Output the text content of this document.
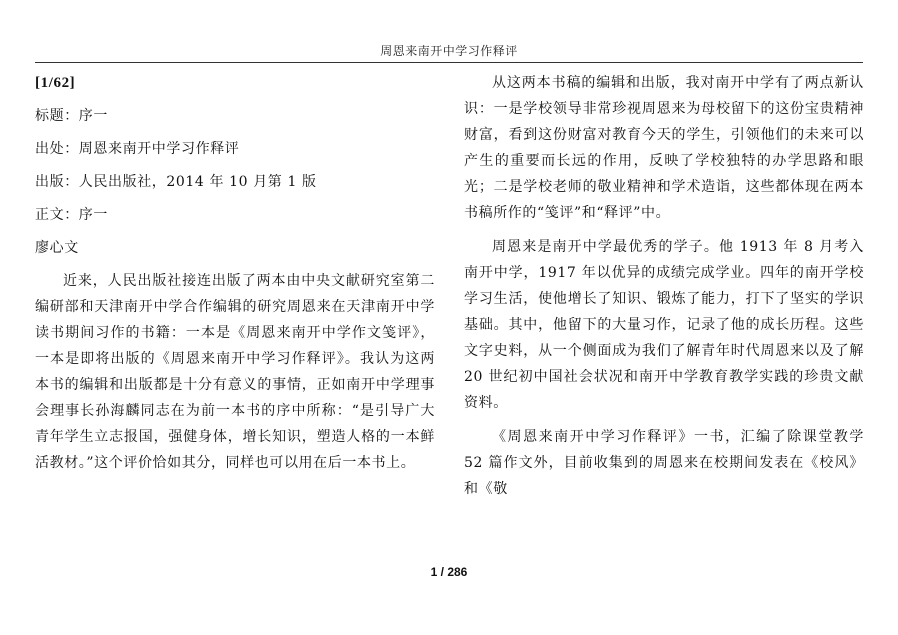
周恩来南开中学习作释评
[1/62]
标题：序一
出处：周恩来南开中学习作释评
出版：人民出版社，2014 年 10 月第 1 版
正文：序一
廖心文

近来，人民出版社接连出版了两本由中央文献研究室第二编研部和天津南开中学合作编辑的研究周恩来在天津南开中学读书期间习作的书籍：一本是《周恩来南开中学作文笺评》，一本是即将出版的《周恩来南开中学习作释评》。我认为这两本书的编辑和出版都是十分有意义的事情，正如南开中学理事会理事长孙海麟同志在为前一本书的序中所称：“是引导广大青年学生立志报国，强健身体，增长知识，塑造人格的一本鲜活教材。”这个评价恰如其分，同样也可以用在后一本书上。

从这两本书稿的编辑和出版，我对南开中学有了两点新认识：一是学校领导非常珍视周恩来为母校留下的这份宝贵精神财富，看到这份财富对教育今天的学生，引领他们的未来可以产生的重要而长远的作用，反映了学校独特的办学思路和眼光；二是学校老师的敬业精神和学术造诣，这些都体现在两本书稿所作的“笺评”和“释评”中。

周恩来是南开中学最优秀的学子。他 1913 年 8 月考入南开中学，1917 年以优异的成绩完成学业。四年的南开学校学习生活，使他增长了知识、锻炼了能力，打下了坚实的学识基础。其中，他留下的大量习作，记录了他的成长历程。这些文字史料，从一个侧面成为我们了解青年时代周恩来以及了解 20 世纪初中国社会状况和南开中学教育教学实践的珍贵文献资料。

《周恩来南开中学习作释评》一书，汇编了除课堂教学 52 篇作文外，目前收集到的周恩来在校期间发表在《校风》和《敬

1 / 286
